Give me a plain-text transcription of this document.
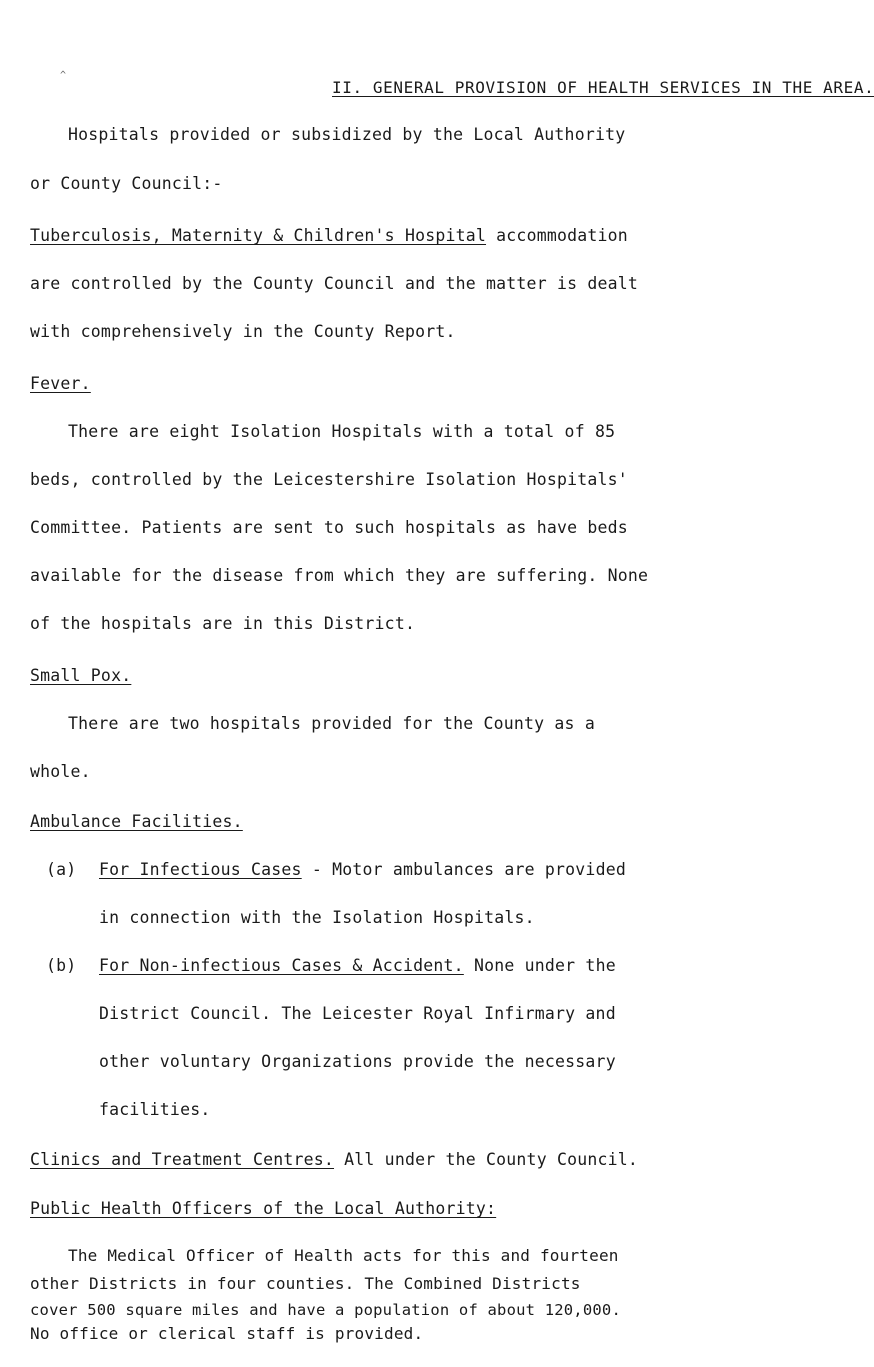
^
II. GENERAL PROVISION OF HEALTH SERVICES IN THE AREA.
Hospitals provided or subsidized by the Local Authority
or County Council:-
Tuberculosis, Maternity & Children's Hospital accommodation
are controlled by the County Council and the matter is dealt
with comprehensively in the County Report.
Fever.
There are eight Isolation Hospitals with a total of 85
beds, controlled by the Leicestershire Isolation Hospitals'
Committee. Patients are sent to such hospitals as have beds
available for the disease from which they are suffering. None
of the hospitals are in this District.
Small Pox.
There are two hospitals provided for the County as a
whole.
Ambulance Facilities.
(a) For Infectious Cases - Motor ambulances are provided
in connection with the Isolation Hospitals.
(b) For Non-infectious Cases & Accident. None under the
District Council. The Leicester Royal Infirmary and
other voluntary Organizations provide the necessary
facilities.
Clinics and Treatment Centres. All under the County Council.
Public Health Officers of the Local Authority:
The Medical Officer of Health acts for this and fourteen
other Districts in four counties. The Combined Districts
cover 500 square miles and have a population of about 120,000.
No office or clerical staff is provided.
